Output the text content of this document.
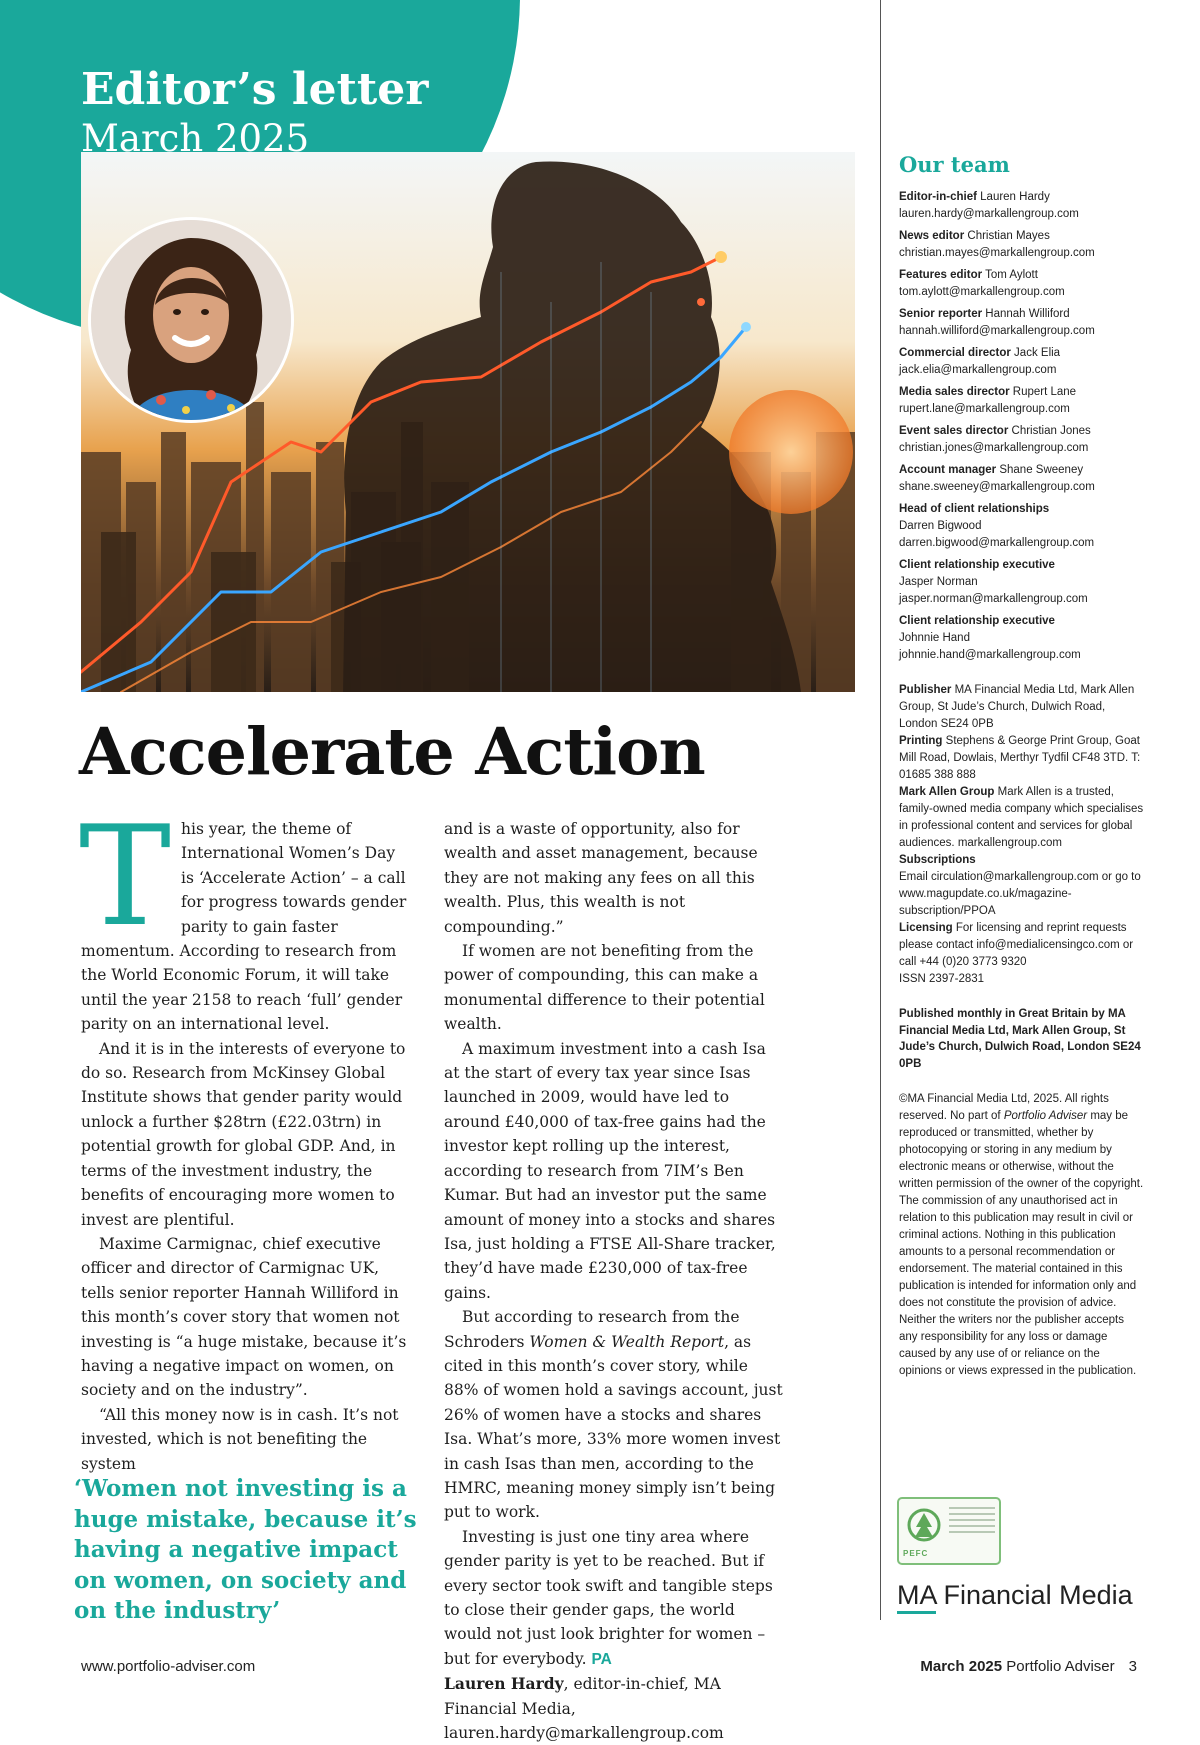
Editor’s letter
March 2025
Accelerate Action
T his year, the theme of International Women’s Day is ‘Accelerate Action’ – a call for progress towards gender parity to gain faster momentum. According to research from the World Economic Forum, it will take until the year 2158 to reach ‘full’ gender parity on an international level.

And it is in the interests of everyone to do so. Research from McKinsey Global Institute shows that gender parity would unlock a further $28trn (£22.03trn) in potential growth for global GDP. And, in terms of the investment industry, the benefits of encouraging more women to invest are plentiful.

Maxime Carmignac, chief executive officer and director of Carmignac UK, tells senior reporter Hannah Williford in this month’s cover story that women not investing is “a huge mistake, because it’s having a negative impact on women, on society and on the industry”.

“All this money now is in cash. It’s not invested, which is not benefiting the system

‘Women not investing is a huge mistake, because it’s having a negative impact on women, on society and on the industry’

and is a waste of opportunity, also for wealth and asset management, because they are not making any fees on all this wealth. Plus, this wealth is not compounding.”

If women are not benefiting from the power of compounding, this can make a monumental difference to their potential wealth.

A maximum investment into a cash Isa at the start of every tax year since Isas launched in 2009, would have led to around £40,000 of tax-free gains had the investor kept rolling up the interest, according to research from 7IM’s Ben Kumar. But had an investor put the same amount of money into a stocks and shares Isa, just holding a FTSE All-Share tracker, they’d have made £230,000 of tax-free gains.

But according to research from the Schroders Women & Wealth Report, as cited in this month’s cover story, while 88% of women hold a savings account, just 26% of women have a stocks and shares Isa. What’s more, 33% more women invest in cash Isas than men, according to the HMRC, meaning money simply isn’t being put to work.

Investing is just one tiny area where gender parity is yet to be reached. But if every sector took swift and tangible steps to close their gender gaps, the world would not just look brighter for women – but for everybody. PA

Lauren Hardy, editor-in-chief, MA Financial Media, lauren.hardy@markallengroup.com

Our team
Editor-in-chief Lauren Hardy
lauren.hardy@markallengroup.com
News editor Christian Mayes
christian.mayes@markallengroup.com
Features editor Tom Aylott
tom.aylott@markallengroup.com
Senior reporter Hannah Williford
hannah.williford@markallengroup.com
Commercial director Jack Elia
jack.elia@markallengroup.com
Media sales director Rupert Lane
rupert.lane@markallengroup.com
Event sales director Christian Jones
christian.jones@markallengroup.com
Account manager Shane Sweeney
shane.sweeney@markallengroup.com
Head of client relationships
Darren Bigwood
darren.bigwood@markallengroup.com
Client relationship executive
Jasper Norman
jasper.norman@markallengroup.com
Client relationship executive
Johnnie Hand
johnnie.hand@markallengroup.com
Publisher MA Financial Media Ltd, Mark Allen Group, St Jude’s Church, Dulwich Road, London SE24 0PB
Printing Stephens & George Print Group, Goat Mill Road, Dowlais, Merthyr Tydfil CF48 3TD. T: 01685 388 888
Mark Allen Group Mark Allen is a trusted, family-owned media company which specialises in professional content and services for global audiences. markallengroup.com
Subscriptions
Email circulation@markallengroup.com or go to www.magupdate.co.uk/magazine-subscription/PPOA
Licensing For licensing and reprint requests please contact info@medialicensingco.com or call +44 (0)20 3773 9320
ISSN 2397-2831
Published monthly in Great Britain by MA Financial Media Ltd, Mark Allen Group, St Jude’s Church, Dulwich Road, London SE24 0PB
©MA Financial Media Ltd, 2025. All rights reserved. No part of Portfolio Adviser may be reproduced or transmitted, whether by photocopying or storing in any medium by electronic means or otherwise, without the written permission of the owner of the copyright. The commission of any unauthorised act in relation to this publication may result in civil or criminal actions. Nothing in this publication amounts to a personal recommendation or endorsement. The material contained in this publication is intended for information only and does not constitute the provision of advice. Neither the writers nor the publisher accepts any responsibility for any loss or damage caused by any use of or reliance on the opinions or views expressed in the publication.
PEFC
MA Financial Media
www.portfolio-adviser.com	March 2025 Portfolio Adviser 3
